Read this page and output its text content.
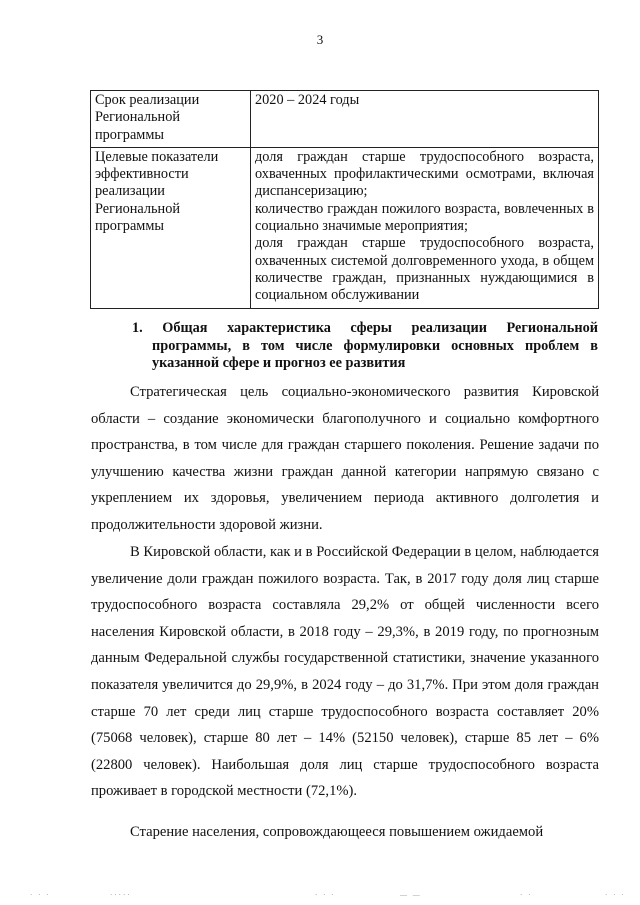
3
Срок реализации Региональной программы	2020 – 2024 годы

Целевые показатели эффективности реализации Региональной программы	доля граждан старше трудоспособного возраста, охваченных профилактическими осмотрами, включая диспансеризацию;
количество граждан пожилого возраста, вовлеченных в социально значимые мероприятия;
доля граждан старше трудоспособного возраста, охваченных системой долговременного ухода, в общем количестве граждан, признанных нуждающимися в социальном обслуживании
1. Общая характеристика сферы реализации Региональной программы, в том числе формулировки основных проблем в указанной сфере и прогноз ее развития

Стратегическая цель социально-экономического развития Кировской области – создание экономически благополучного и социально комфортного пространства, в том числе для граждан старшего поколения. Решение задачи по улучшению качества жизни граждан данной категории напрямую связано с укреплением их здоровья, увеличением периода активного долголетия и продолжительности здоровой жизни.

В Кировской области, как и в Российской Федерации в целом, наблюдается увеличение доли граждан пожилого возраста. Так, в 2017 году доля лиц старше трудоспособного возраста составляла 29,2% от общей численности всего населения Кировской области, в 2018 году – 29,3%, в 2019 году, по прогнозным данным Федеральной службы государственной статистики, значение указанного показателя увеличится до 29,9%, в 2024 году – до 31,7%. При этом доля граждан старше 70 лет среди лиц старше трудоспособного возраста составляет 20% (75068 человек), старше 80 лет – 14% (52150 человек), старше 85 лет – 6% (22800 человек). Наибольшая доля лиц старше трудоспособного возраста проживает в городской местности (72,1%).

Старение населения, сопровождающееся повышением ожидаемой

· · ·	·····	· · ·	— —	· ·	· · ·
